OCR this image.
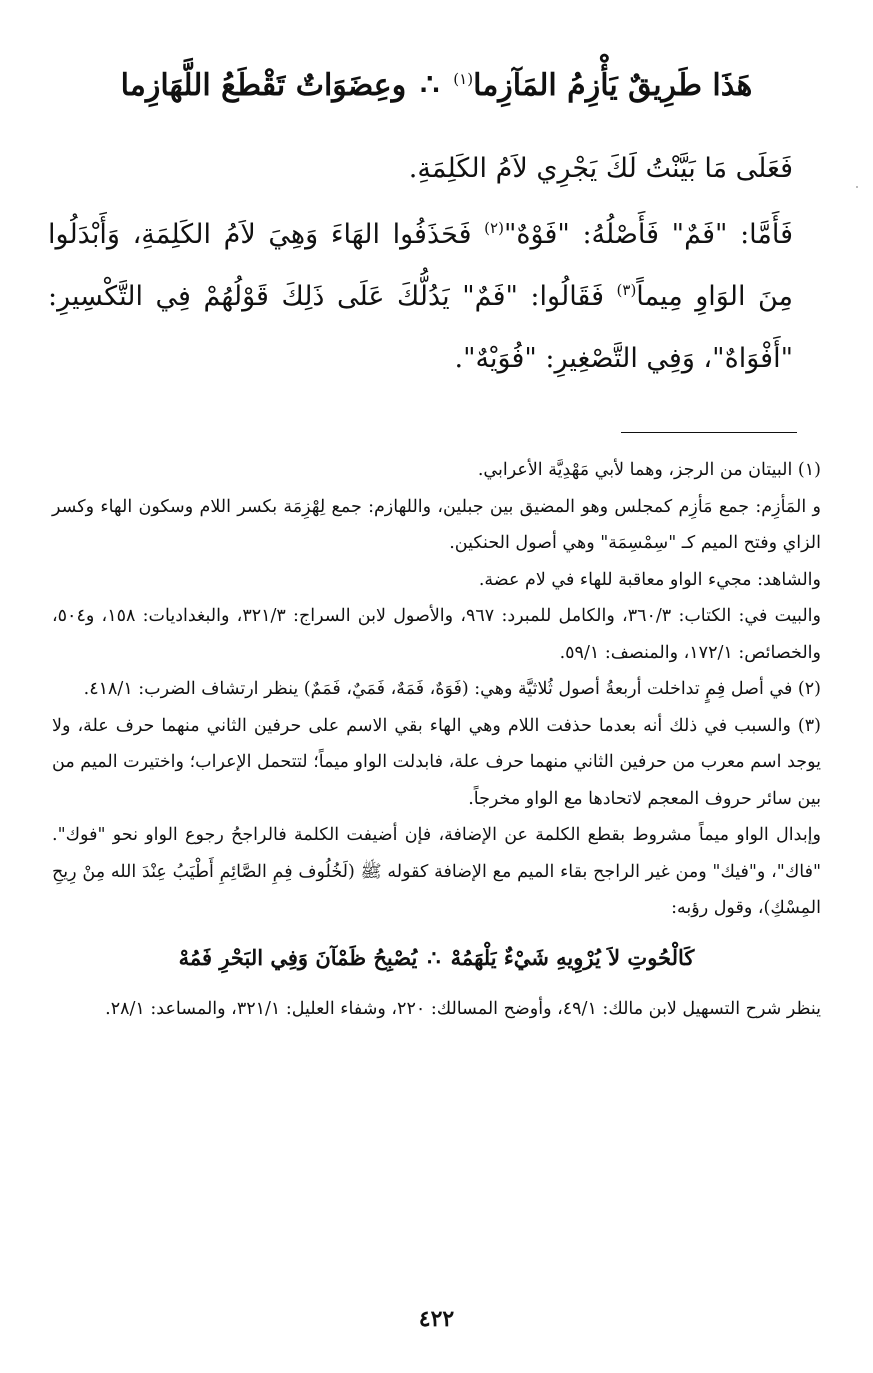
هَذَا طَرِيقٌ يَأْزِمُ المَآزِما$^{(١)}$∴وعِضَوَاتٌ تَقْطَعُ اللَّهَازِما

فَعَلَى مَا بَيَّنْتُ لَكَ يَجْرِي لاَمُ الكَلِمَةِ.

فَأَمَّا: "فَمٌ" فَأَصْلُهُ: "فَوْهٌ"$^{(٢)}$ فَحَذَفُوا الهَاءَ وَهِيَ لاَمُ الكَلِمَةِ، وَأَبْدَلُوا مِنَ الوَاوِ مِيماً$^{(٣)}$ فَقَالُوا: "فَمٌ" يَدُلُّكَ عَلَى ذَلِكَ قَوْلُهُمْ فِي التَّكْسِيرِ: "أَفْوَاهٌ"، وَفِي التَّصْغِيرِ: "فُوَيْهٌ".

(١) البيتان من الرجز، وهما لأبي مَهْدِيَّة الأعرابي.

و المَأزِم: جمع مَأزِم كمجلس وهو المضيق بين جبلين، واللهازم: جمع لِهْزِمَة بكسر اللام وسكون الهاء وكسر الزاي وفتح الميم كـ "سِمْسِمَة" وهي أصول الحنكين.

والشاهد: مجيء الواو معاقبة للهاء في لام عضة.

والبيت في: الكتاب: ٣٦٠/٣، والكامل للمبرد: ٩٦٧، والأصول لابن السراج: ٣٢١/٣، والبغداديات: ١٥٨، و٥٠٤، والخصائص: ١٧٢/١، والمنصف: ٥٩/١.

(٢) في أصل فِمٍ تداخلت أربعةُ أصول ثُلاثيَّة وهي: (فَوَهٌ، فَمَهٌ، فَمَيٌ، فَمَمٌ) ينظر ارتشاف الضرب: ٤١٨/١.

(٣) والسبب في ذلك أنه بعدما حذفت اللام وهي الهاء بقي الاسم على حرفين الثاني منهما حرف علة، ولا يوجد اسم معرب من حرفين الثاني منهما حرف علة، فابدلت الواو ميماً؛ لتتحمل الإعراب؛ واختيرت الميم من بين سائر حروف المعجم لاتحادها مع الواو مخرجاً.

وإبدال الواو ميماً مشروط بقطع الكلمة عن الإضافة، فإن أضيفت الكلمة فالراجحُ رجوع الواو نحو "فوك". "فاك"، و"فيك" ومن غير الراجح بقاء الميم مع الإضافة كقوله ﷺ (لَخُلُوف فِمِ الصَّائِمِ أَطْيَبُ عِنْدَ الله مِنْ رِيحِ المِسْكِ)، وقول رؤبه:

كَالْحُوتِ لاَ يُرْوِيهِ شَيْءٌ يَلْهَمُهْ∴يُصْبِحُ ظَمْآنَ وَفِي البَحْرِ فَمُهْ

ينظر شرح التسهيل لابن مالك: ٤٩/١، وأوضح المسالك: ٢٢٠، وشفاء العليل: ٣٢١/١، والمساعد: ٢٨/١.

٤٢٢
